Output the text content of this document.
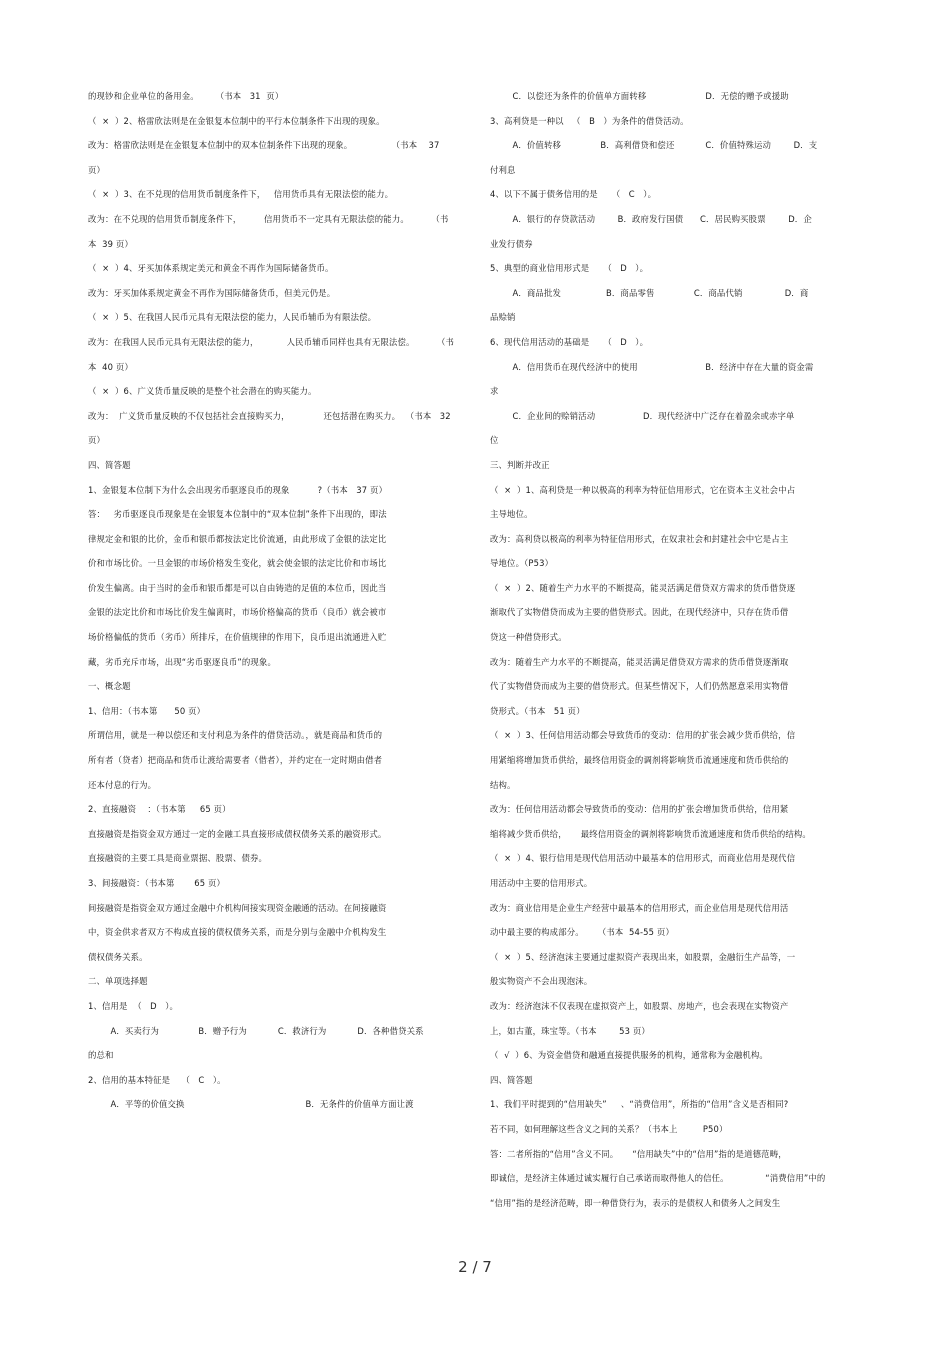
的现钞和企业单位的备用金。      （书本   31  页）

（  ×  ）2、格雷欣法则是在金银复本位制中的平行本位制条件下出现的现象。

改为：格雷欣法则是在金银复本位制中的双本位制条件下出现的现象。              （书本    37

页）

（  ×  ）3、在不兑现的信用货币制度条件下，   信用货币具有无限法偿的能力。

改为：在不兑现的信用货币制度条件下，        信用货币不一定具有无限法偿的能力。        （书

本  39 页）

（  ×  ）4、牙买加体系规定美元和黄金不再作为国际储备货币。

改为：牙买加体系规定黄金不再作为国际储备货币，但美元仍是。

（  ×  ）5、在我国人民币元具有无限法偿的能力，人民币辅币为有限法偿。

改为：在我国人民币元具有无限法偿的能力，          人民币辅币同样也具有无限法偿。        （书

本  40 页）

（  ×  ）6、广义货币量反映的是整个社会潜在的购买能力。

改为：  广义货币量反映的不仅包括社会直接购买力，            还包括潜在购买力。  （书本   32

页）

四、简答题

1、金银复本位制下为什么会出现劣币驱逐良币的现象          ?（书本   37 页）

答：   劣币驱逐良币现象是在金银复本位制中的“双本位制”条件下出现的，即法

律规定金和银的比价，金币和银币都按法定比价流通，由此形成了金银的法定比

价和市场比价。一旦金银的市场价格发生变化，就会使金银的法定比价和市场比

价发生偏离。由于当时的金币和银币都是可以自由铸造的足值的本位币，因此当

金银的法定比价和市场比价发生偏离时，市场价格偏高的货币（良币）就会被市

场价格偏低的货币（劣币）所排斥，在价值规律的作用下，良币退出流通进入贮

藏，劣币充斥市场，出现“劣币驱逐良币”的现象。

一、概念题

1、信用：（书本第      50 页）

所谓信用，就是一种以偿还和支付利息为条件的借贷活动。，就是商品和货币的

所有者（贷者）把商品和货币让渡给需要者（借者），并约定在一定时期由借者

还本付息的行为。

2、直接融资    ：（书本第     65 页）

直接融资是指资金双方通过一定的金融工具直接形成债权债务关系的融资形式。

直接融资的主要工具是商业票据、股票、债券。

3、间接融资：（书本第       65 页）

间接融资是指资金双方通过金融中介机构间接实现资金融通的活动。在间接融资

中，资金供求者双方不构成直接的债权债务关系，而是分别与金融中介机构发生

债权债务关系。

二、单项选择题

1、信用是  （   D   ）。

A．买卖行为              B．赠予行为           C．救济行为           D．各种借贷关系

的总和

2、信用的基本特征是    （   C   ）。

A．平等的价值交换                                           B．无条件的价值单方面让渡

C．以偿还为条件的价值单方面转移                     D．无偿的赠予或援助

3、高利贷是一种以   （   B   ）为条件的借贷活动。

A．价值转移              B．高利借贷和偿还           C．价值特殊运动        D．支

付利息

4、以下不属于债务信用的是     （   C   ）。

A．银行的存贷款活动        B．政府发行国债      C．居民购买股票        D．企

业发行债券

5、典型的商业信用形式是     （   D   ）。

A．商品批发                B．商品零售              C．商品代销               D．商

品赊销

6、现代信用活动的基础是     （   D   ）。

A．信用货币在现代经济中的使用                        B．经济中存在大量的资金需

求

C．企业间的赊销活动                 D．现代经济中广泛存在着盈余或赤字单

位

三、判断并改正

（  ×  ）1、高利贷是一种以极高的利率为特征信用形式，它在资本主义社会中占

主导地位。

改为：高利贷以极高的利率为特征信用形式，在奴隶社会和封建社会中它是占主

导地位。（P53）

（  ×  ）2、随着生产力水平的不断提高，能灵活满足借贷双方需求的货币借贷逐

渐取代了实物借贷而成为主要的借贷形式。因此，在现代经济中，只存在货币借

贷这一种借贷形式。

改为：随着生产力水平的不断提高，能灵活满足借贷双方需求的货币借贷逐渐取

代了实物借贷而成为主要的借贷形式。但某些情况下，人们仍然愿意采用实物借

贷形式。（书本   51 页）

（  ×  ）3、任何信用活动都会导致货币的变动：信用的扩张会减少货币供给，信

用紧缩将增加货币供给，最终信用资金的调剂将影响货币流通速度和货币供给的

结构。

改为：任何信用活动都会导致货币的变动：信用的扩张会增加货币供给，信用紧

缩将减少货币供给，     最终信用资金的调剂将影响货币流通速度和货币供给的结构。

（  ×  ）4、银行信用是现代信用活动中最基本的信用形式，而商业信用是现代信

用活动中主要的信用形式。

改为：商业信用是企业生产经营中最基本的信用形式，而企业信用是现代信用活

动中最主要的构成部分。     （书本  54-55 页）

（  ×  ）5、经济泡沫主要通过虚拟资产表现出来，如股票，金融衍生产品等，一

般实物资产不会出现泡沫。

改为：经济泡沫不仅表现在虚拟资产上，如股票、房地产，也会表现在实物资产

上，如古董，珠宝等。（书本        53 页）

（  √  ）6、为资金借贷和融通直接提供服务的机构，通常称为金融机构。

四、简答题

1、我们平时提到的“信用缺失”     、“消费信用”，所指的“信用”含义是否相同?

若不同，如何理解这些含义之间的关系？（书本上         P50）

答：二者所指的“信用”含义不同。     “信用缺失”中的“信用”指的是道德范畴，

即诚信，是经济主体通过诚实履行自己承诺而取得他人的信任。             “消费信用”中的

“信用”指的是经济范畴，即一种借贷行为，表示的是债权人和债务人之间发生

2 / 7
